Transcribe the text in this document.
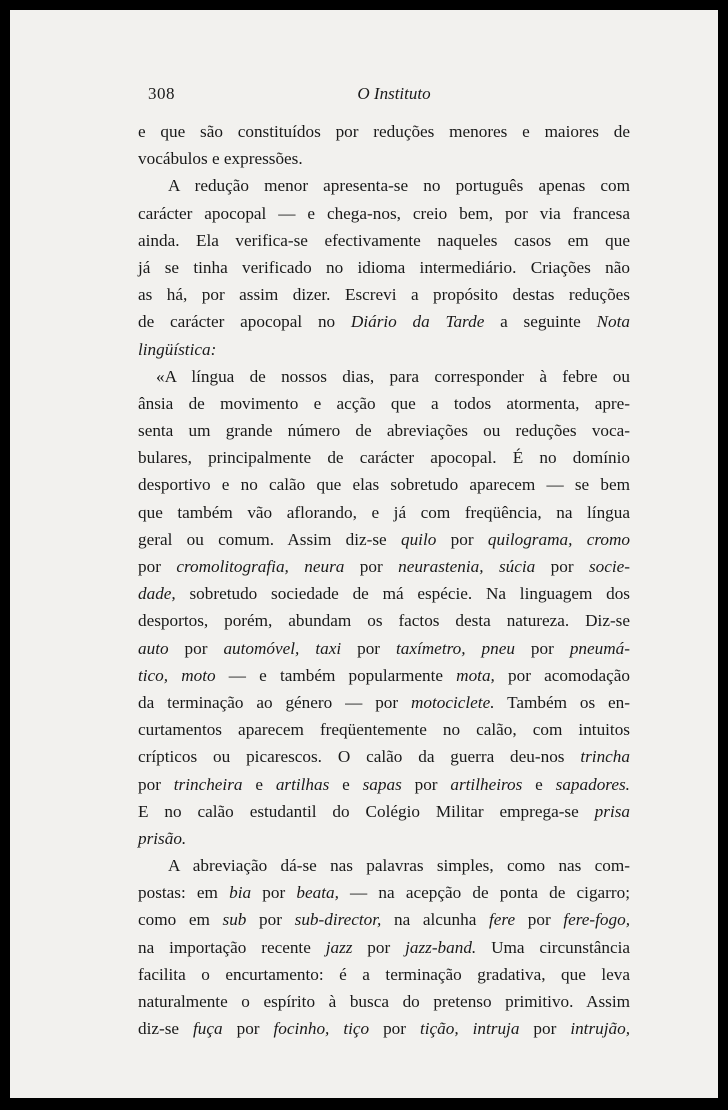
308	O Instituto
e que são constituídos por reduções menores e maiores de
vocábulos e expressões.
A redução menor apresenta-se no português apenas com
carácter apocopal — e chega-nos, creio bem, por via francesa
ainda. Ela verifica-se efectivamente naqueles casos em que
já se tinha verificado no idioma intermediário. Criações não
as há, por assim dizer. Escrevi a propósito destas reduções
de carácter apocopal no Diário da Tarde a seguinte Nota
lingüística:
«A língua de nossos dias, para corresponder à febre ou
ânsia de movimento e acção que a todos atormenta, apre-
senta um grande número de abreviações ou reduções voca-
bulares, principalmente de carácter apocopal. É no domínio
desportivo e no calão que elas sobretudo aparecem — se bem
que também vão aflorando, e já com freqüência, na língua
geral ou comum. Assim diz-se quilo por quilograma, cromo
por cromolitografia, neura por neurastenia, súcia por socie-
dade, sobretudo sociedade de má espécie. Na linguagem dos
desportos, porém, abundam os factos desta natureza. Diz-se
auto por automóvel, taxi por taxímetro, pneu por pneumá-
tico, moto — e também popularmente mota, por acomodação
da terminação ao género — por motociclete. Também os en-
curtamentos aparecem freqüentemente no calão, com intuitos
crípticos ou picarescos. O calão da guerra deu-nos trincha
por trincheira e artilhas e sapas por artilheiros e sapadores.
E no calão estudantil do Colégio Militar emprega-se prisa
prisão.
A abreviação dá-se nas palavras simples, como nas com-
postas: em bia por beata, — na acepção de ponta de cigarro;
como em sub por sub-director, na alcunha fere por fere-fogo,
na importação recente jazz por jazz-band. Uma circunstância
facilita o encurtamento: é a terminação gradativa, que leva
naturalmente o espírito à busca do pretenso primitivo. Assim
diz-se fuça por focinho, tiço por tição, intruja por intrujão,
